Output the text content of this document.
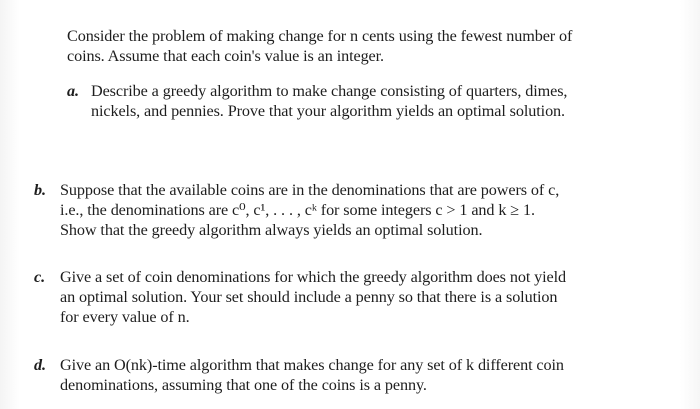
Consider the problem of making change for n cents using the fewest number of
coins. Assume that each coin's value is an integer.
a. Describe a greedy algorithm to make change consisting of quarters, dimes,
nickels, and pennies. Prove that your algorithm yields an optimal solution.
b. Suppose that the available coins are in the denominations that are powers of c,
i.e., the denominations are c⁰, c¹, . . . , cᵏ for some integers c > 1 and k ≥ 1.
Show that the greedy algorithm always yields an optimal solution.
c. Give a set of coin denominations for which the greedy algorithm does not yield
an optimal solution. Your set should include a penny so that there is a solution
for every value of n.
d. Give an O(nk)-time algorithm that makes change for any set of k different coin
denominations, assuming that one of the coins is a penny.
